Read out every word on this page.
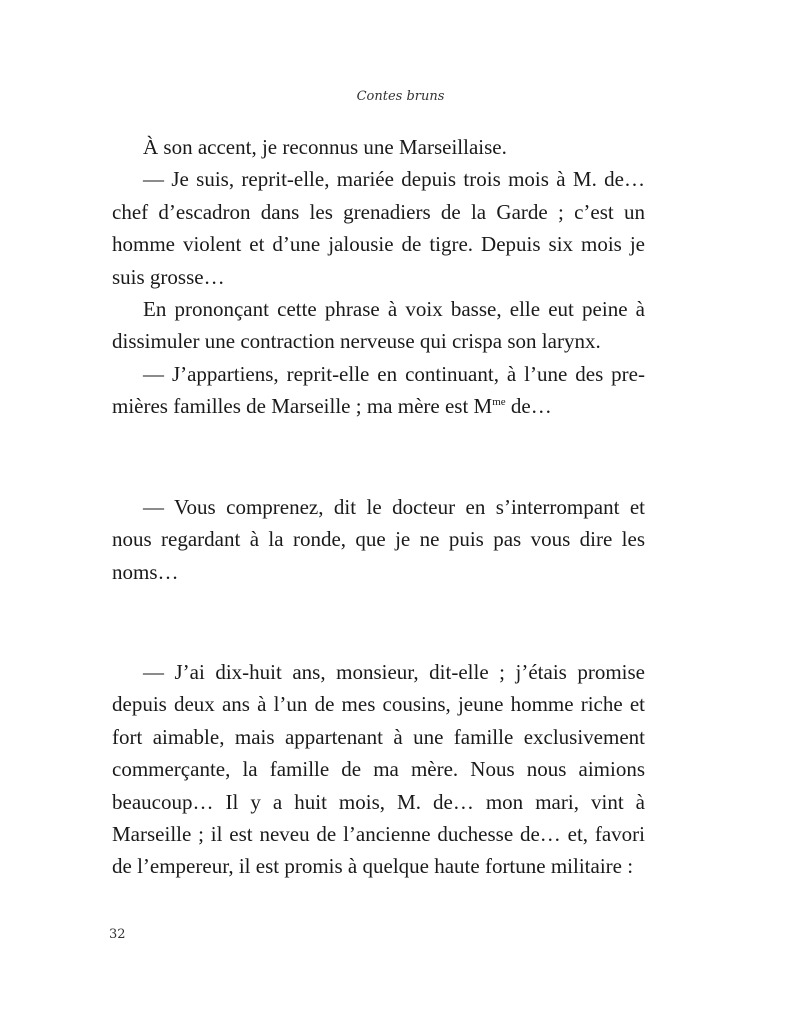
Contes bruns

À son accent, je reconnus une Marseillaise.

— Je suis, reprit-elle, mariée depuis trois mois à M. de… chef d’escadron dans les grenadiers de la Garde ; c’est un homme violent et d’une jalousie de tigre. Depuis six mois je suis grosse…

En prononçant cette phrase à voix basse, elle eut peine à dissimuler une contraction nerveuse qui crispa son larynx.

— J’appartiens, reprit-elle en continuant, à l’une des pre-mières familles de Marseille ; ma mère est $M^{me}$ de…

— Vous comprenez, dit le docteur en s’interrompant et nous regardant à la ronde, que je ne puis pas vous dire les noms…

— J’ai dix-huit ans, monsieur, dit-elle ; j’étais promise depuis deux ans à l’un de mes cousins, jeune homme riche et fort aimable, mais appartenant à une famille exclusivement commerçante, la famille de ma mère. Nous nous aimions beaucoup… Il y a huit mois, M. de… mon mari, vint à Marseille ; il est neveu de l’ancienne duchesse de… et, favori de l’empereur, il est promis à quelque haute fortune militaire :

32
